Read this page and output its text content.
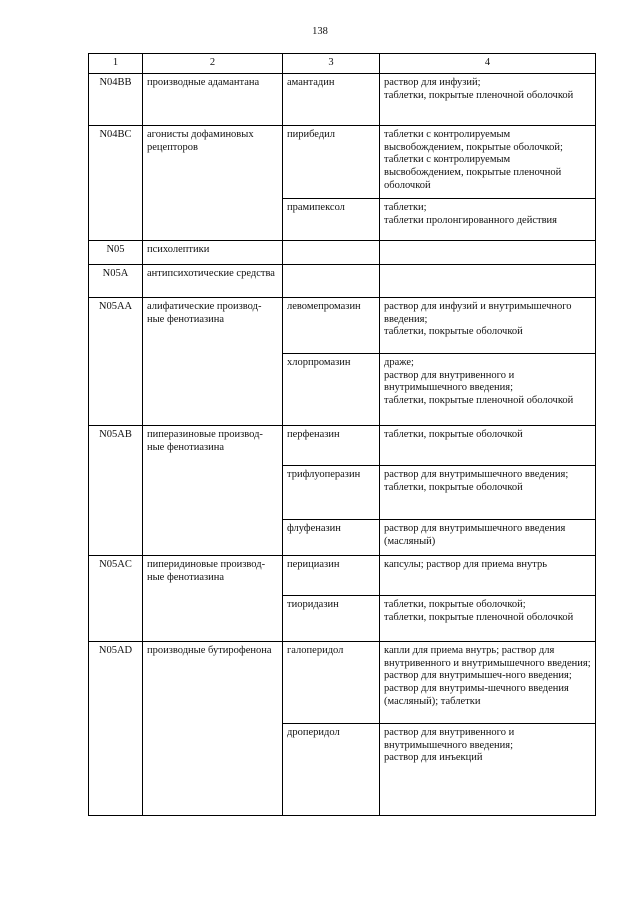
138
1	2	3	4
N04BB	производные адамантана	амантадин	раствор для инфузий;
таблетки, покрытые пленочной оболочкой

N04BC	агонисты дофаминовых рецепторов	пирибедил	таблетки с контролируемым высвобождением, покрытые оболочкой;
таблетки с контролируемым высвобождением, покрытые пленочной оболочкой

		прамипексол	таблетки;
таблетки пролонгированного действия

N05	психолептики		
N05A	антипсихотические средства		
N05AA	алифатические производ-ные фенотиазина	левомепромазин	раствор для инфузий и внутримышечного введения;
таблетки, покрытые оболочкой

		хлорпромазин	драже;
раствор для внутривенного и внутримышечного введения;
таблетки, покрытые пленочной оболочкой

N05AB	пиперазиновые производ-ные фенотиазина	перфеназин	таблетки, покрытые оболочкой

		трифлуоперазин	раствор для внутримышечного введения;
таблетки, покрытые оболочкой

		флуфеназин	раствор для внутримышечного введения (масляный)

N05AC	пиперидиновые производ-ные фенотиазина	перициазин	капсулы; раствор для приема внутрь

		тиоридазин	таблетки, покрытые оболочкой;
таблетки, покрытые пленочной оболочкой

N05AD	производные бутирофенона	галоперидол	капли для приема внутрь; раствор для внутривенного и внутримышечного введения; раствор для внутримышеч-ного введения; раствор для внутримы-шечного введения (масляный); таблетки

		дроперидол	раствор для внутривенного и внутримышечного введения;
раствор для инъекций
